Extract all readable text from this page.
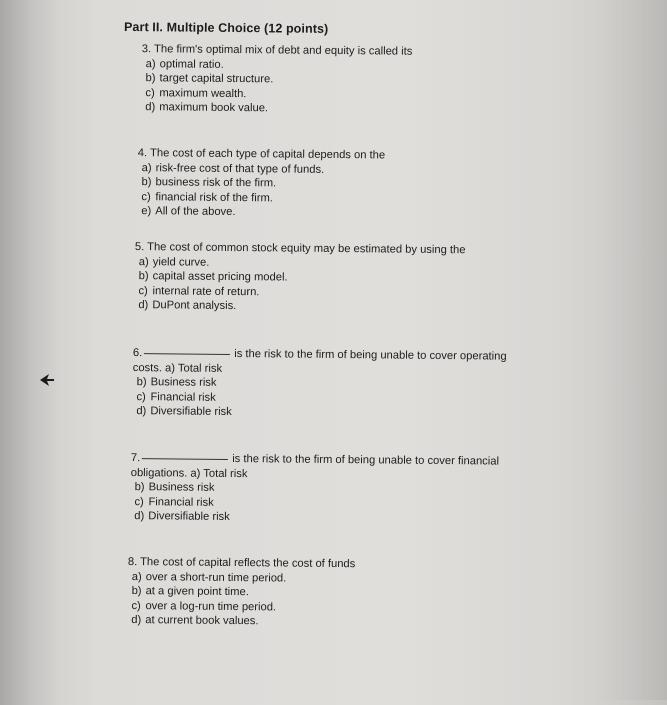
Part II. Multiple Choice (12 points)
3. The firm's optimal mix of debt and equity is called its
a) optimal ratio.
b) target capital structure.
c) maximum wealth.
d) maximum book value.
4. The cost of each type of capital depends on the
a) risk-free cost of that type of funds.
b) business risk of the firm.
c) financial risk of the firm.
e) All of the above.
5. The cost of common stock equity may be estimated by using the
a) yield curve.
b) capital asset pricing model.
c) internal rate of return.
d) DuPont analysis.
6.	is the risk to the firm of being unable to cover operating
costs. a) Total risk
b) Business risk
c) Financial risk
d) Diversifiable risk
7.	is the risk to the firm of being unable to cover financial
obligations. a) Total risk
b) Business risk
c) Financial risk
d) Diversifiable risk
8. The cost of capital reflects the cost of funds
a) over a short-run time period.
b) at a given point time.
c) over a log-run time period.
d) at current book values.
